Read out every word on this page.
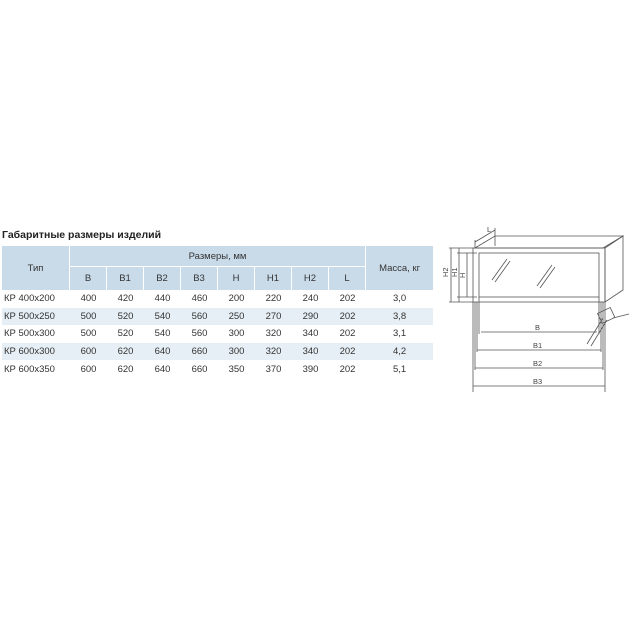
Габаритные размеры изделий
Тип	Размеры, мм								Масса, кг
	B	B1	B2	B3	H	H1	H2	L	
КР 400х200	400	420	440	460	200	220	240	202	3,0
КР 500х250	500	520	540	560	250	270	290	202	3,8
КР 500х300	500	520	540	560	300	320	340	202	3,1
КР 600х300	600	620	640	660	300	320	340	202	4,2
КР 600х350	600	620	640	660	350	370	390	202	5,1
L
H2 H1 H
B
B1
B2
B3
